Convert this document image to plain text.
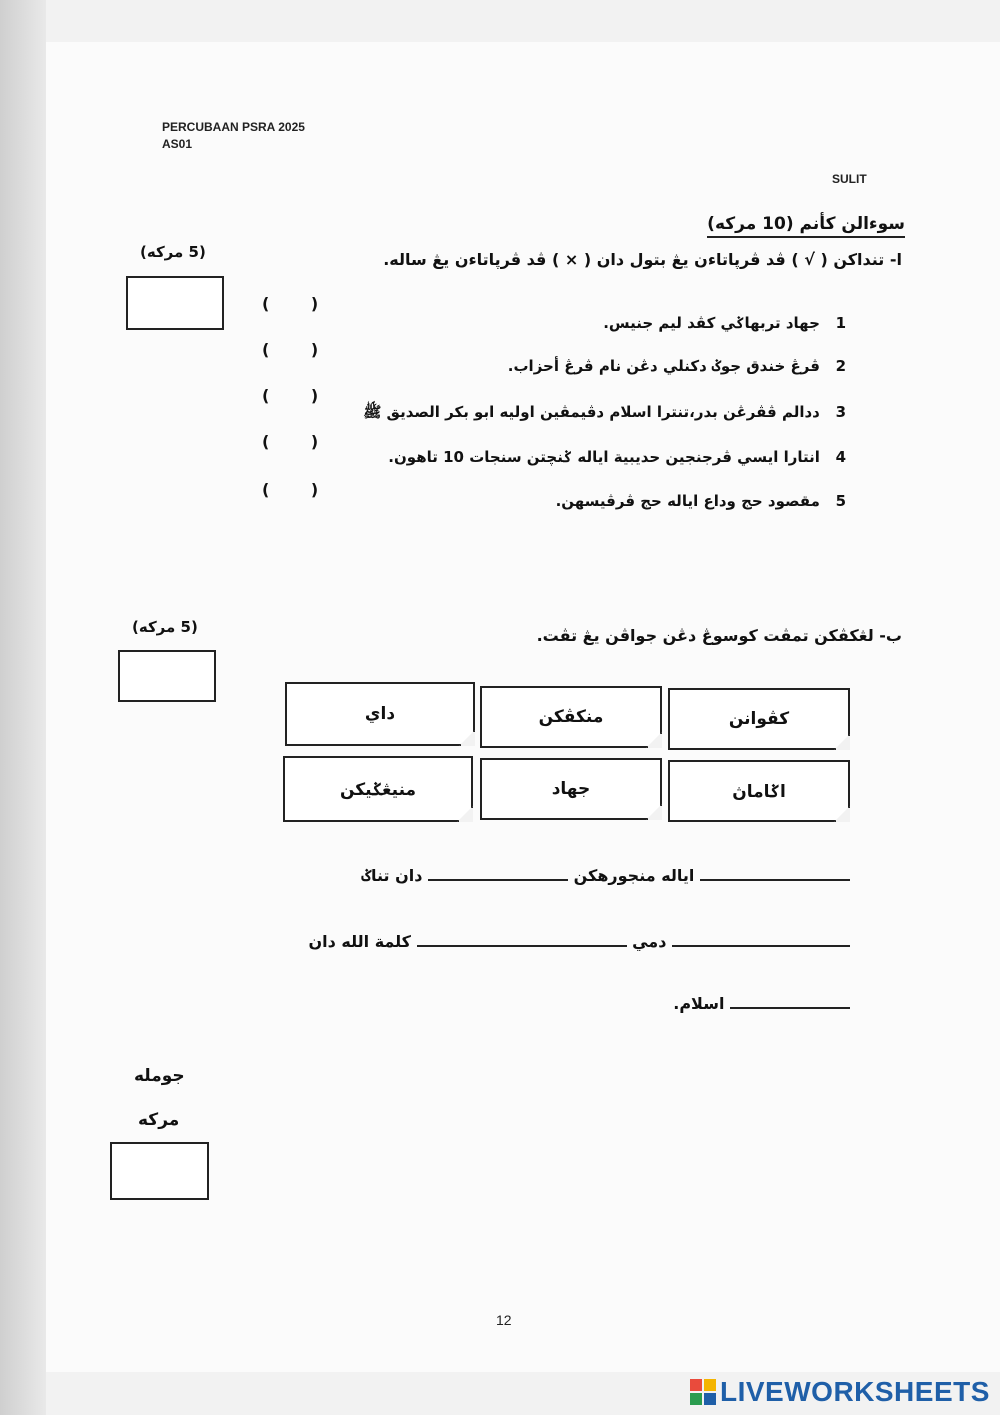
PERCUBAAN PSRA 2025
AS01
SULIT
سوءالن كأنم (10 مركه)
(5 مركه)	ا- تنداكن ( √ ) ڤد ڤرڽاتاءن يڠ بتول دان ( × ) ڤد ڤرڽاتاءن يڠ ساله.
1   جهاد تربهاݢي كڤد ليم جنيس.
2   ڤرڠ خندق جوݢ دكنلي دڠن نام ڤرڠ أحزاب.
3   ددالم ڤڤرڠن بدر،تنترا اسلام دڤيمڤين اوليه ابو بكر الصديق ﷺ
4   انتارا ايسي ڤرجنجين حديبية اياله ݢنچتن سنجات 10 تاهون.
5   مقصود حج وداع اياله حج ڤرڤيسهن.
( )
( )
( )
( )
( )
(5 مركه)	ب- لڠكڤكن تمڤت كوسوڠ دڠن جواڤن يڠ تڤت.
كڤوانن
منكڤكن
داي
اݢاماڽ
جهاد
منيڠݢيكن
اياله منجورهكن  دان تناݢ
دمي  كلمة الله دان
اسلام.
جومله
مركه
12
LIVEWORKSHEETS
